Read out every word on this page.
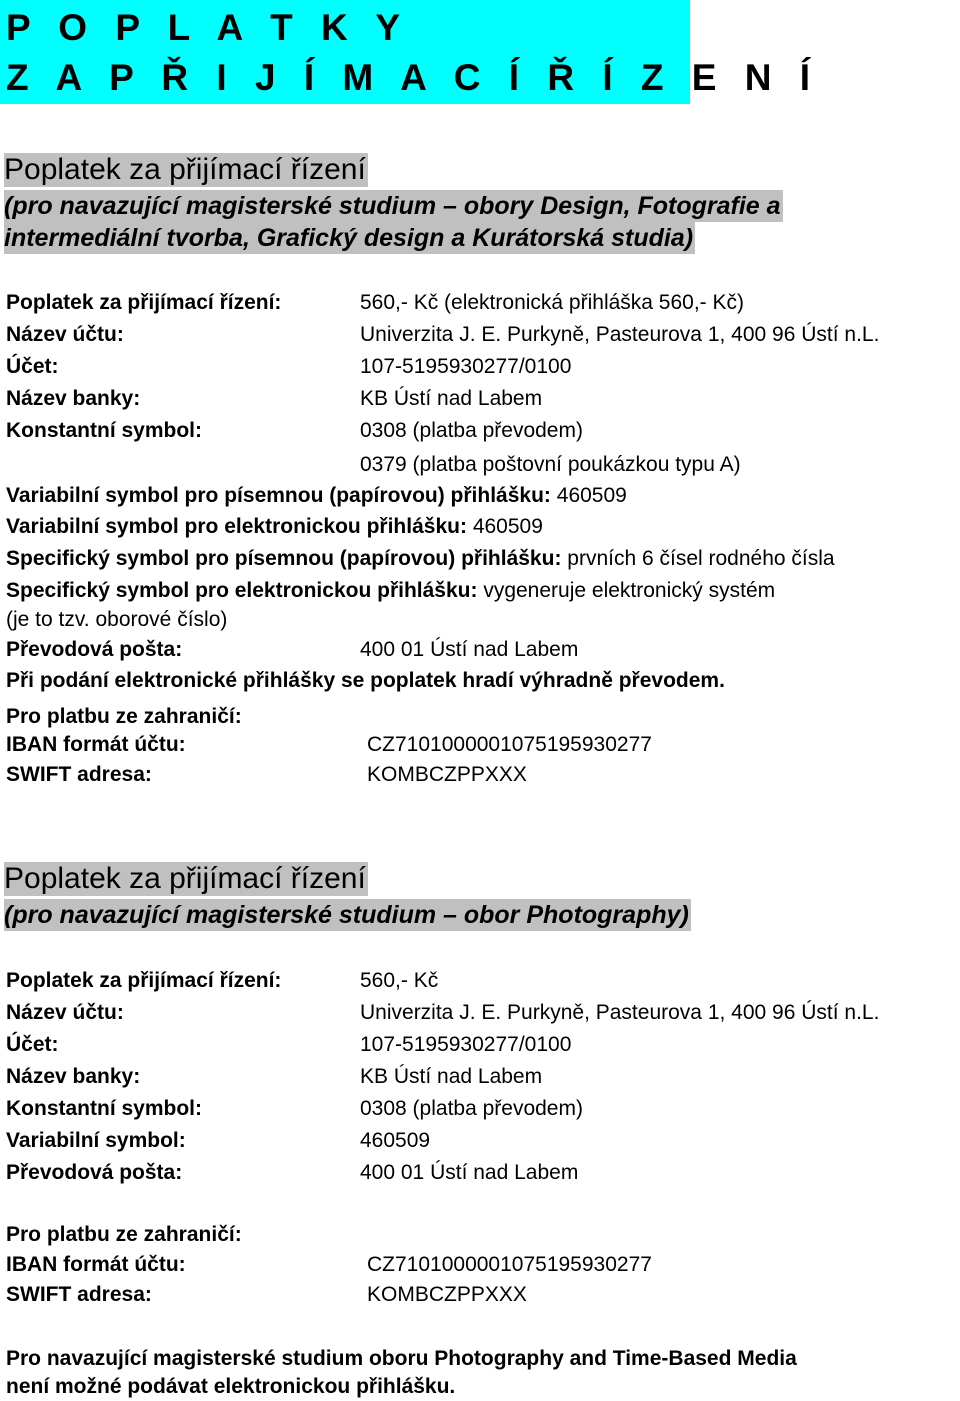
P O P L A T K Y
Z A P Ř I J Í M A C Í Ř Í Z E N Í
Poplatek za přijímací řízení
(pro navazující magisterské studium – obory Design, Fotografie a
intermediální tvorba, Grafický design a Kurátorská studia)
Poplatek za přijímací řízení:	560,- Kč (elektronická přihláška 560,- Kč)
Název účtu:	Univerzita J. E. Purkyně, Pasteurova 1, 400 96 Ústí n.L.
Účet:	107-5195930277/0100
Název banky:	KB Ústí nad Labem
Konstantní symbol:	0308 (platba převodem)
0379 (platba poštovní poukázkou typu A)
Variabilní symbol pro písemnou (papírovou) přihlášku: 460509
Variabilní symbol pro elektronickou přihlášku: 460509
Specifický symbol pro písemnou (papírovou) přihlášku: prvních 6 čísel rodného čísla
Specifický symbol pro elektronickou přihlášku: vygeneruje elektronický systém
(je to tzv. oborové číslo)
Převodová pošta:	400 01 Ústí nad Labem
Při podání elektronické přihlášky se poplatek hradí výhradně převodem.
Pro platbu ze zahraničí:
IBAN formát účtu:	CZ7101000001075195930277
SWIFT adresa:	KOMBCZPPXXX
Poplatek za přijímací řízení
(pro navazující magisterské studium – obor Photography)
Poplatek za přijímací řízení:	560,- Kč
Název účtu:	Univerzita J. E. Purkyně, Pasteurova 1, 400 96 Ústí n.L.
Účet:	107-5195930277/0100
Název banky:	KB Ústí nad Labem
Konstantní symbol:	0308 (platba převodem)
Variabilní symbol:	460509
Převodová pošta:	400 01 Ústí nad Labem
Pro platbu ze zahraničí:
IBAN formát účtu:	CZ7101000001075195930277
SWIFT adresa:	KOMBCZPPXXX
Pro navazující magisterské studium oboru Photography and Time-Based Media
není možné podávat elektronickou přihlášku.
